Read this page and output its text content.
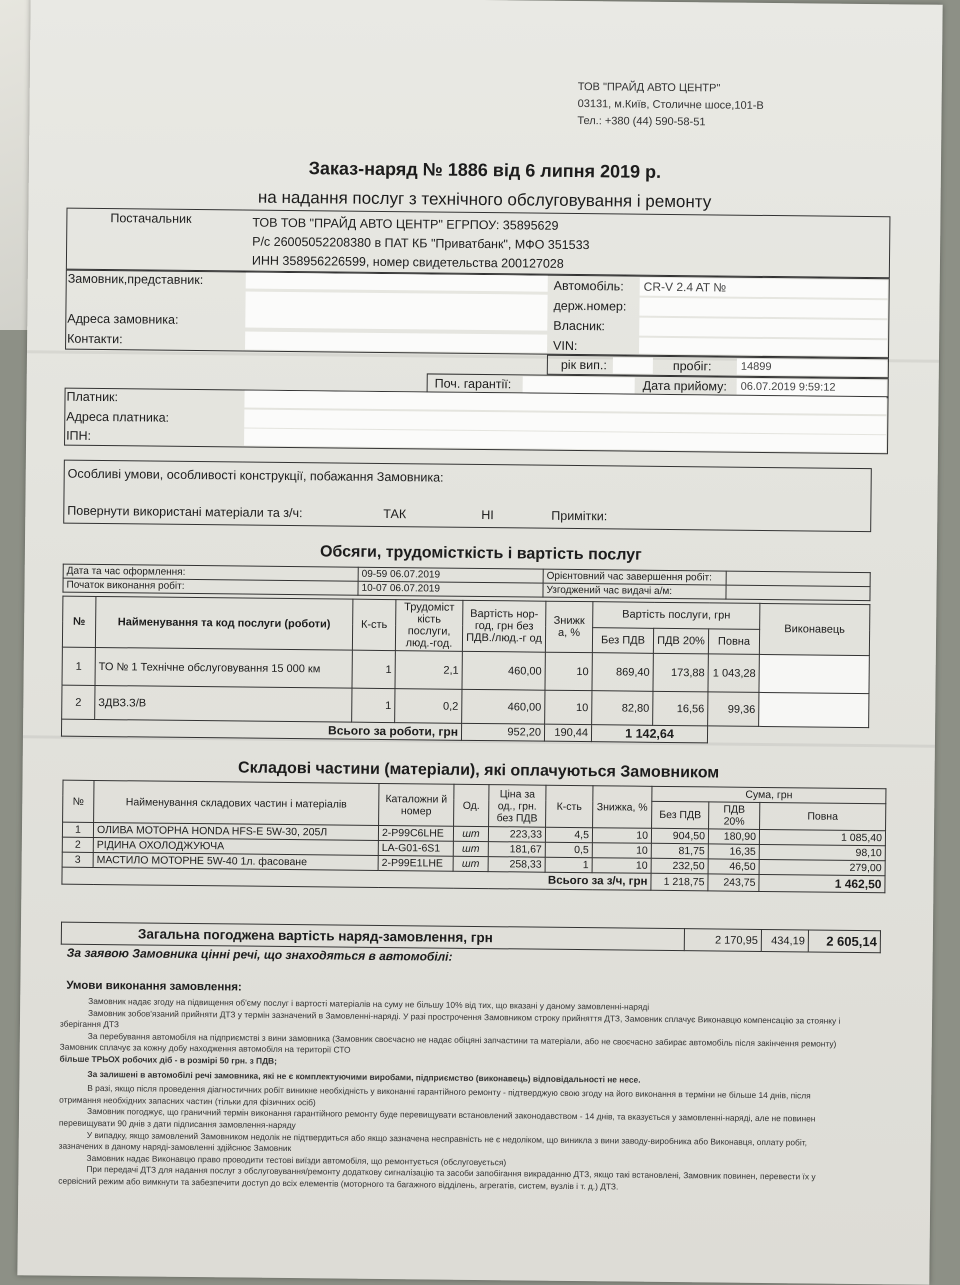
ТОВ "ПРАЙД АВТО ЦЕНТР"
03131, м.Київ, Столичне шосе,101-В
Тел.: +380 (44) 590-58-51
Заказ-наряд № 1886 від 6 липня 2019 р.
на надання послуг з технічного обслуговування і ремонту
Постачальник	ТОВ ТОВ "ПРАЙД АВТО ЦЕНТР" ЕГРПОУ: 35895629
Р/с 26005052208380 в ПАТ КБ "Приватбанк", МФО 351533
ИНН 358956226599, номер свидетельства 200127028
Замовник,представник:
Адреса замовника:
Контакти:
Автомобіль:	CR-V 2.4 AT №
держ.номер:
Власник:
VIN:
рік вип.:	пробіг:	14899
Поч. гарантії:	Дата прийому:	06.07.2019 9:59:12
Платник:
Адреса платника:
ІПН:
Особливі умови, особливості конструкції, побажання Замовника:
Повернути використані матеріали та з/ч:	ТАК	НІ	Примітки:
Обсяги, трудомісткість і вартість послуг
Дата та час оформлення:	09-59 06.07.2019	Орієнтовний час завершення робіт:	
Початок виконання робіт:	10-07 06.07.2019	Узгоджений час видачі а/м:	
№	Найменування та код послуги (роботи)	К-сть	Трудоміст кість послуги, люд.-год.	Вартість нор-год, грн без ПДВ./люд.-г од	Знижк а, %	Вартість послуги, грн			Виконавець
						Без ПДВ	ПДВ 20%	Повна	
1	ТО № 1 Технічне обслуговування 15 000 км	1	2,1	460,00	10	869,40	173,88	1 043,28	
2	ЗДВЗ.З/В	1	0,2	460,00	10	82,80	16,56	99,36	
Всього за роботи, грн				952,20	190,44	1 142,64			
Складові частини (матеріали), які оплачуються Замовником
№	Найменування складових частин і матеріалів	Каталожни й номер	Од.	Ціна за од., грн. без ПДВ	К-сть	Знижка, %	Сума, грн		
							Без ПДВ	ПДВ 20%	Повна
1	ОЛИВА МОТОРНА HONDA HFS-E 5W-30, 205Л	2-P99C6LHE	шт	223,33	4,5	10	904,50	180,90	1 085,40
2	РІДИНА ОХОЛОДЖУЮЧА	LA-G01-6S1	шт	181,67	0,5	10	81,75	16,35	98,10
3	МАСТИЛО МОТОРНЕ 5W-40 1л. фасоване	2-P99E1LHE	шт	258,33	1	10	232,50	46,50	279,00
Всього за з/ч, грн							1 218,75	243,75	1 462,50
Загальна погоджена вартість наряд-замовлення, грн	2 170,95	434,19	2 605,14
За заявою Замовника цінні речі, що знаходяться в автомобілі:
Умови виконання замовлення:

Замовник надає згоду на підвищення об'єму послуг і вартості матеріалів на суму не більшу 10% від тих, що вказані у даному замовленні-наряді

Замовник зобов'язаний прийняти ДТЗ у термін зазначений в Замовленні-наряді. У разі прострочення Замовником строку прийняття ДТЗ, Замовник сплачує Виконавцю компенсацію за стоянку і зберігання ДТЗ

За перебування автомобіля на підприємстві з вини замовника (Замовник своєчасно не надає обіцяні запчастини та матеріали, або не своєчасно забирає автомобіль після закінчення ремонту) Замовник сплачує за кожну добу находження автомобіля на території СТО

більше ТРЬОХ робочих діб - в розмірі 50 грн. з ПДВ;

За залишені в автомобілі речі замовника, які не є комплектуючими виробами, підприємство (виконавець) відповідальності не несе.

В разі, якщо після проведення діагностичних робіт виникне необхідність у виконанні гарантійного ремонту - підтверджую свою згоду на його виконання в терміни не більше 14 днів, після отримання необхідних запасних частин (тільки для фізичних осіб)

Замовник погоджує, що граничний термін виконання гарантійного ремонту буде перевищувати встановлений законодавством - 14 днів, та вказується у замовленні-наряді, але не повинен перевищувати 90 днів з дати підписання замовлення-наряду

У випадку, якщо замовлений Замовником недолік не підтвердиться або якщо зазначена несправність не є недоліком, що виникла з вини заводу-виробника або Виконавця, оплату робіт, зазначених в даному наряді-замовленні здійснює Замовник

Замовник надає Виконавцю право проводити тестові виїзди автомобіля, що ремонтується (обслуговується)

При передачі ДТЗ для надання послуг з обслуговування/ремонту додаткову сигналізацію та засоби запобігання викраданню ДТЗ, якщо такі встановлені, Замовник повинен, перевести їх у сервісний режим або вимкнути та забезпечити доступ до всіх елементів (моторного та багажного відділень, агрегатів, систем, вузлів і т. д.) ДТЗ.
